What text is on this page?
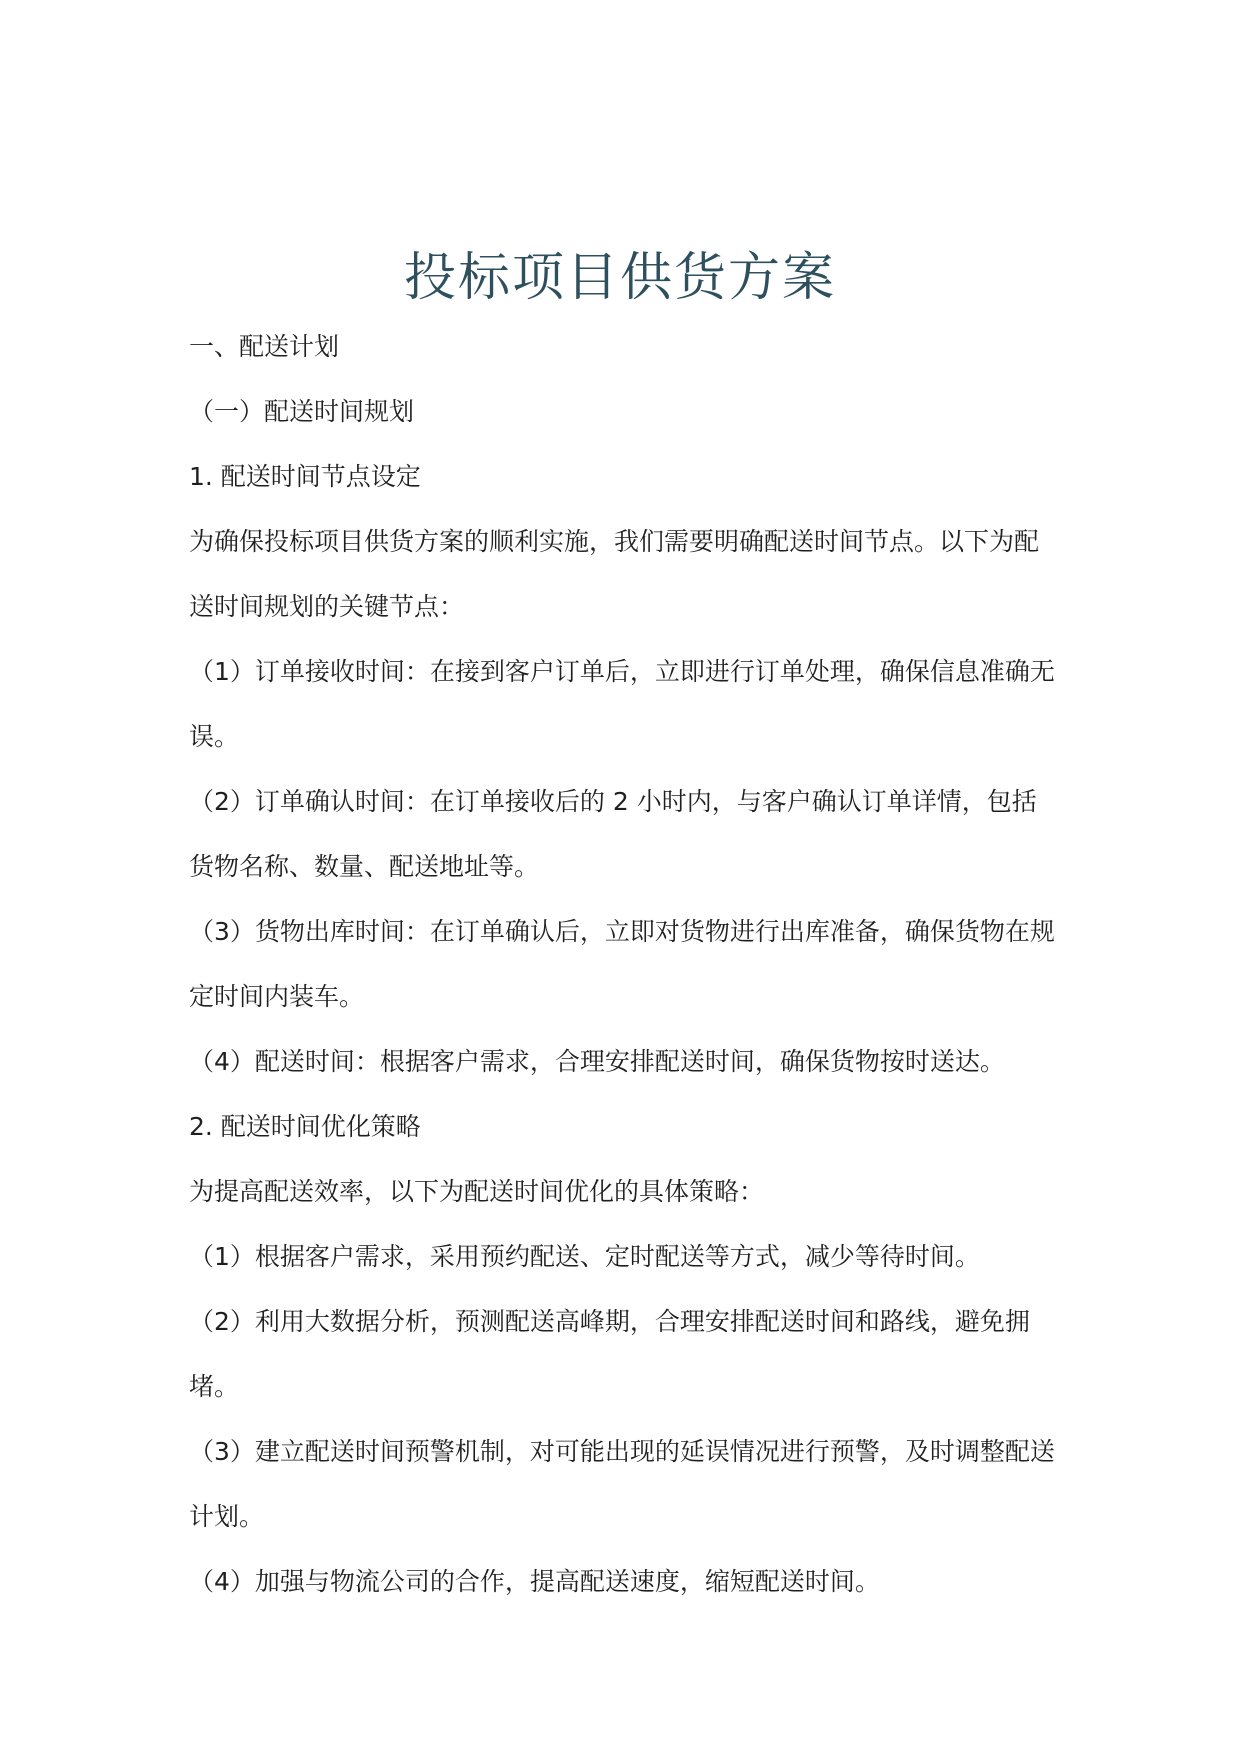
投标项目供货方案
一、配送计划
（一）配送时间规划
1. 配送时间节点设定
为确保投标项目供货方案的顺利实施，我们需要明确配送时间节点。以下为配
送时间规划的关键节点：
（1）订单接收时间：在接到客户订单后，立即进行订单处理，确保信息准确无
误。
（2）订单确认时间：在订单接收后的 2 小时内，与客户确认订单详情，包括
货物名称、数量、配送地址等。
（3）货物出库时间：在订单确认后，立即对货物进行出库准备，确保货物在规
定时间内装车。
（4）配送时间：根据客户需求，合理安排配送时间，确保货物按时送达。
2. 配送时间优化策略
为提高配送效率，以下为配送时间优化的具体策略：
（1）根据客户需求，采用预约配送、定时配送等方式，减少等待时间。
（2）利用大数据分析，预测配送高峰期，合理安排配送时间和路线，避免拥
堵。
（3）建立配送时间预警机制，对可能出现的延误情况进行预警，及时调整配送
计划。
（4）加强与物流公司的合作，提高配送速度，缩短配送时间。
